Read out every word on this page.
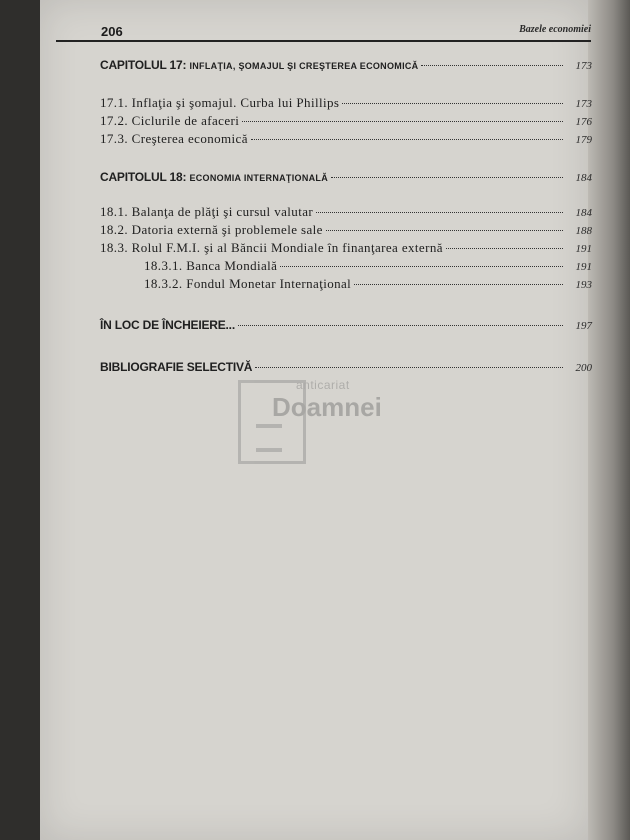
206	Bazele economiei
CAPITOLUL 17: INFLAŢIA, ŞOMAJUL ŞI CREŞTEREA ECONOMICĂ	173
17.1. Inflaţia şi şomajul. Curba lui Phillips	173
17.2. Ciclurile de afaceri	176
17.3. Creşterea economică	179
CAPITOLUL 18: ECONOMIA INTERNAŢIONALĂ	184
18.1. Balanţa de plăţi şi cursul valutar	184
18.2. Datoria externă şi problemele sale	188
18.3. Rolul F.M.I. şi al Băncii Mondiale în finanţarea externă	191
18.3.1. Banca Mondială	191
18.3.2. Fondul Monetar Internaţional	193
ÎN LOC DE ÎNCHEIERE...	197
BIBLIOGRAFIE SELECTIVĂ	200
anticariat
Doamnei
